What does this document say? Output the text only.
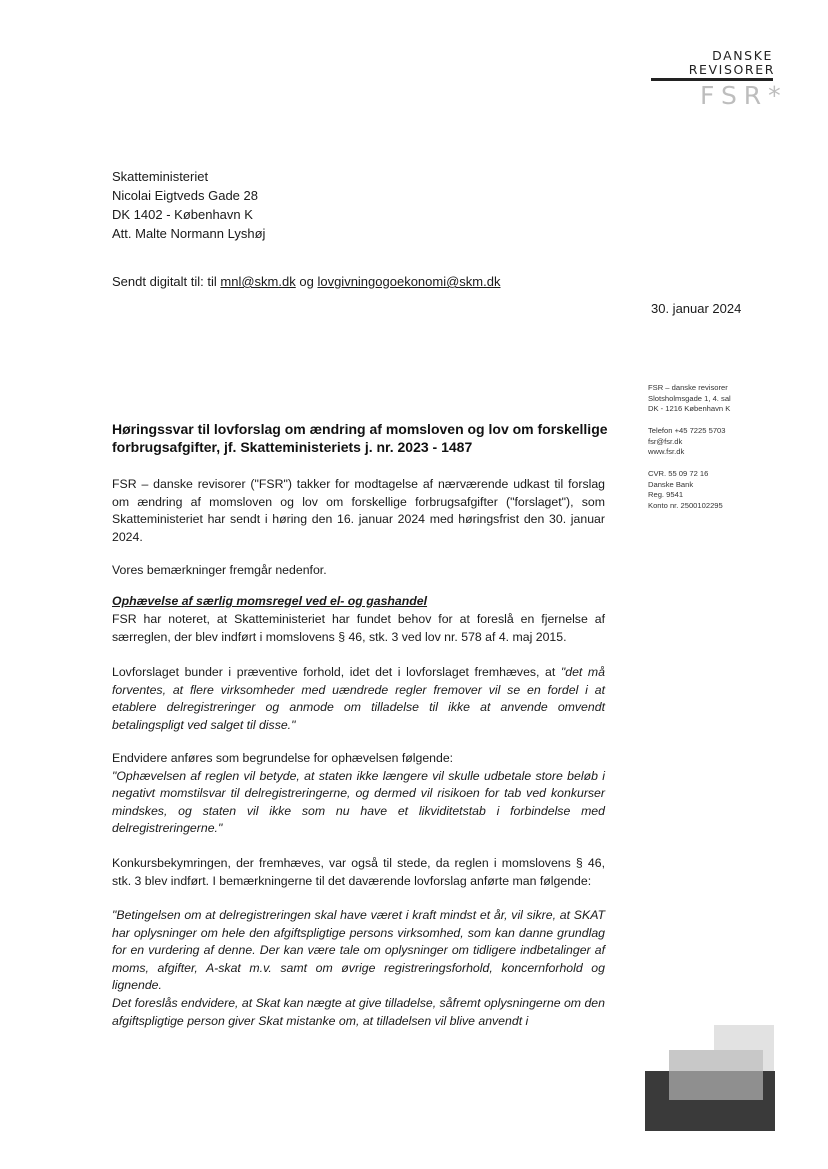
DANSKE
REVISORER
FSR*
Skatteministeriet
Nicolai Eigtveds Gade 28
DK 1402 - København K
Att. Malte Normann Lyshøj
Sendt digitalt til: til mnl@skm.dk og lovgivningogoekonomi@skm.dk
30. januar 2024
FSR – danske revisorer
Slotsholmsgade 1, 4. sal
DK - 1216 København K
Telefon +45 7225 5703
fsr@fsr.dk
www.fsr.dk
CVR. 55 09 72 16
Danske Bank
Reg. 9541
Konto nr. 2500102295
Høringssvar til lovforslag om ændring af momsloven og lov om forskellige forbrugsafgifter, jf. Skatteministeriets j. nr. 2023 - 1487
FSR – danske revisorer ("FSR") takker for modtagelse af nærværende udkast til forslag om ændring af momsloven og lov om forskellige forbrugsafgifter ("forslaget"), som Skatteministeriet har sendt i høring den 16. januar 2024 med høringsfrist den 30. januar 2024.
Vores bemærkninger fremgår nedenfor.
Ophævelse af særlig momsregel ved el- og gashandel
FSR har noteret, at Skatteministeriet har fundet behov for at foreslå en fjernelse af særreglen, der blev indført i momslovens § 46, stk. 3 ved lov nr. 578 af 4. maj 2015.
Lovforslaget bunder i præventive forhold, idet det i lovforslaget fremhæves, at "det må forventes, at flere virksomheder med uændrede regler fremover vil se en fordel i at etablere delregistreringer og anmode om tilladelse til ikke at anvende omvendt betalingspligt ved salget til disse."
Endvidere anføres som begrundelse for ophævelsen følgende:
"Ophævelsen af reglen vil betyde, at staten ikke længere vil skulle udbetale store beløb i negativt momstilsvar til delregistreringerne, og dermed vil risikoen for tab ved konkurser mindskes, og staten vil ikke som nu have et likviditetstab i forbindelse med delregistreringerne."
Konkursbekymringen, der fremhæves, var også til stede, da reglen i momslovens § 46, stk. 3 blev indført. I bemærkningerne til det daværende lovforslag anførte man følgende:
"Betingelsen om at delregistreringen skal have været i kraft mindst et år, vil sikre, at SKAT har oplysninger om hele den afgiftspligtige persons virksomhed, som kan danne grundlag for en vurdering af denne. Der kan være tale om oplysninger om tidligere indbetalinger af moms, afgifter, A-skat m.v. samt om øvrige registreringsforhold, koncernforhold og lignende.
Det foreslås endvidere, at Skat kan nægte at give tilladelse, såfremt oplysningerne om den afgiftspligtige person giver Skat mistanke om, at tilladelsen vil blive anvendt i
